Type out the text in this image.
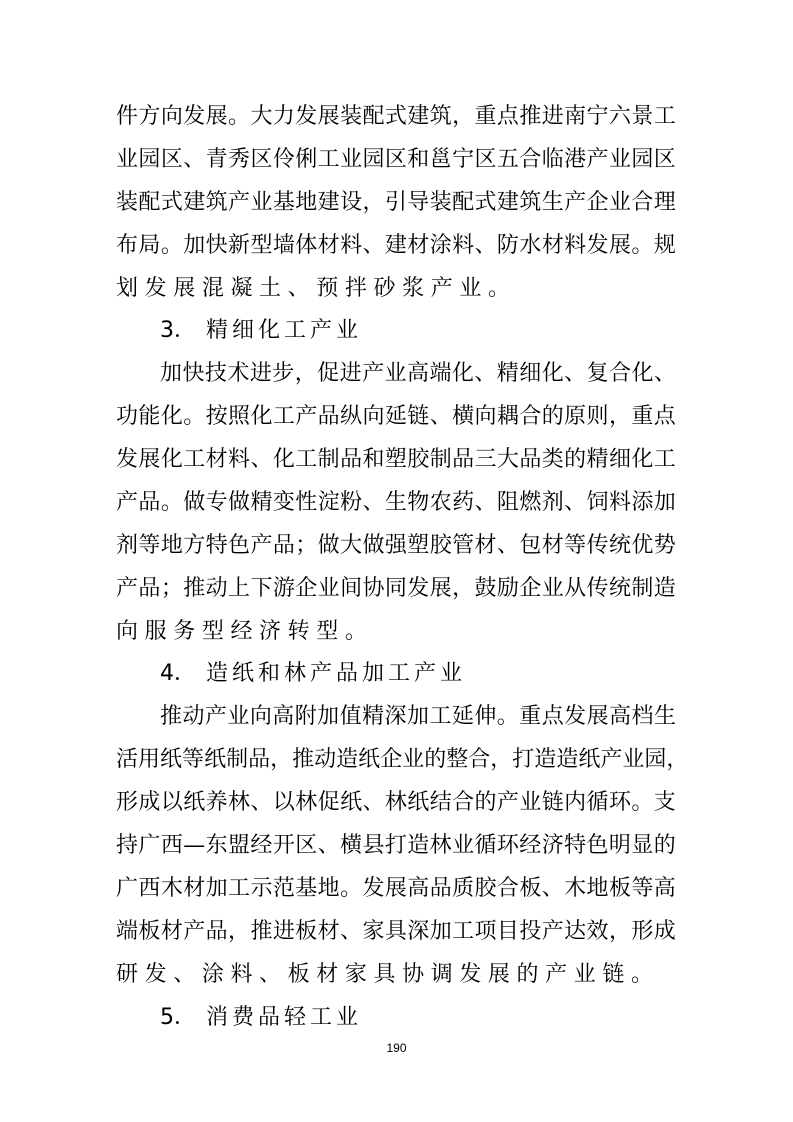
件 方 向 发 展 。 大 力 发 展 装 配 式 建 筑 ， 重 点 推 进 南 宁 六 景 工
业 园 区 、 青 秀 区 伶 俐 工 业 园 区 和 邕 宁 区 五 合 临 港 产 业 园 区
装 配 式 建 筑 产 业 基 地 建 设 ， 引 导 装 配 式 建 筑 生 产 企 业 合 理
布 局 。 加 快 新 型 墙 体 材 料 、 建 材 涂 料 、 防 水 材 料 发 展 。 规
划 发 展 混 凝 土 、 预 拌 砂 浆 产 业 。
3． 精细化工产业
加 快 技 术 进 步 ， 促 进 产 业 高 端 化 、 精 细 化 、 复 合 化 、
功 能 化 。 按 照 化 工 产 品 纵 向 延 链 、 横 向 耦 合 的 原 则 ， 重 点
发 展 化 工 材 料 、 化 工 制 品 和 塑 胶 制 品 三 大 品 类 的 精 细 化 工
产 品 。 做 专 做 精 变 性 淀 粉 、 生 物 农 药 、 阻 燃 剂 、 饲 料 添 加
剂 等 地 方 特 色 产 品 ； 做 大 做 强 塑 胶 管 材 、 包 材 等 传 统 优 势
产 品 ； 推 动 上 下 游 企 业 间 协 同 发 展 ， 鼓 励 企 业 从 传 统 制 造
向 服 务 型 经 济 转 型 。
4． 造纸和林产品加工产业
推 动 产 业 向 高 附 加 值 精 深 加 工 延 伸 。 重 点 发 展 高 档 生
活 用 纸 等 纸 制 品 ， 推 动 造 纸 企 业 的 整 合 ， 打 造 造 纸 产 业 园 ，
形 成 以 纸 养 林 、 以 林 促 纸 、 林 纸 结 合 的 产 业 链 内 循 环 。 支
持 广 西 — 东 盟 经 开 区 、 横 县 打 造 林 业 循 环 经 济 特 色 明 显 的
广 西 木 材 加 工 示 范 基 地 。 发 展 高 品 质 胶 合 板 、 木 地 板 等 高
端 板 材 产 品 ， 推 进 板 材 、 家 具 深 加 工 项 目 投 产 达 效 ， 形 成
研 发 、 涂 料 、 板 材 家 具 协 调 发 展 的 产 业 链 。
5． 消费品轻工业
190
